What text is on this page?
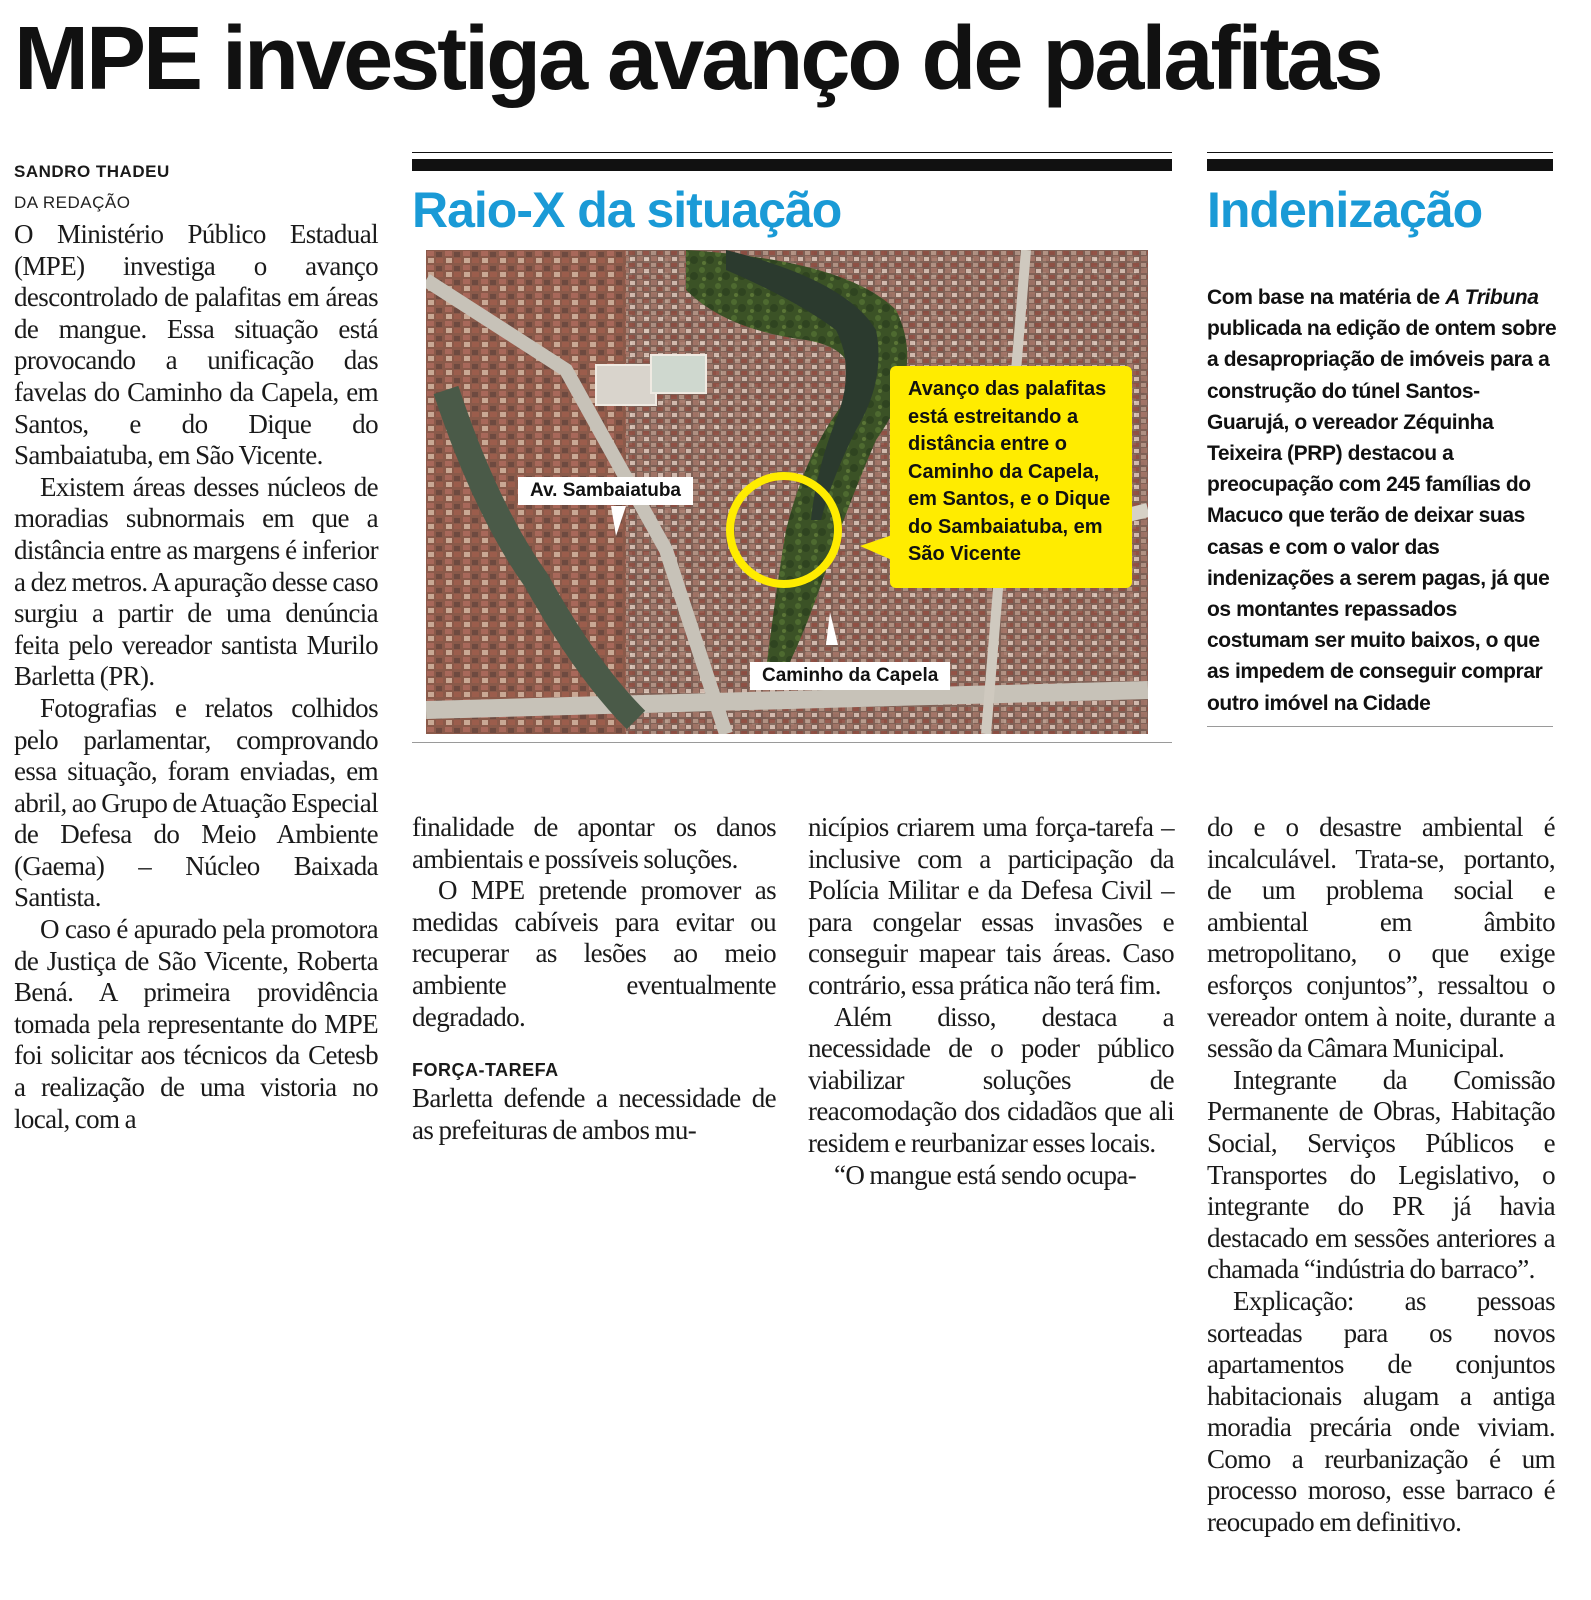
MPE investiga avanço de palafitas
SANDRO THADEU
DA REDAÇÃO

O Ministério Público Estadual (MPE) investiga o avanço descontrolado de palafitas em áreas de mangue. Essa situação está provocando a unificação das favelas do Caminho da Capela, em Santos, e do Dique do Sambaiatuba, em São Vicente.

Existem áreas desses núcleos de moradias subnormais em que a distância entre as margens é inferior a dez metros. A apuração desse caso surgiu a partir de uma denúncia feita pelo vereador santista Murilo Barletta (PR).

Fotografias e relatos colhidos pelo parlamentar, comprovando essa situação, foram enviadas, em abril, ao Grupo de Atuação Especial de Defesa do Meio Ambiente (Gaema) – Núcleo Baixada Santista.

O caso é apurado pela promotora de Justiça de São Vicente, Roberta Bená. A primeira providência tomada pela representante do MPE foi solicitar aos técnicos da Cetesb a realização de uma vistoria no local, com a

Raio-X da situação
Av. Sambaiatuba
Caminho da Capela
Avanço das palafitas está estreitando a distância entre o Caminho da Capela, em Santos, e o Dique do Sambaiatuba, em São Vicente
Indenização
Com base na matéria de A Tribuna publicada na edição de ontem sobre a desapropriação de imóveis para a construção do túnel Santos-Guarujá, o vereador Zéquinha Teixeira (PRP) destacou a preocupação com 245 famílias do Macuco que terão de deixar suas casas e com o valor das indenizações a serem pagas, já que os montantes repassados costumam ser muito baixos, o que as impedem de conseguir comprar outro imóvel na Cidade

finalidade de apontar os danos ambientais e possíveis soluções.

O MPE pretende promover as medidas cabíveis para evitar ou recuperar as lesões ao meio ambiente eventualmente degradado.

FORÇA-TAREFA

Barletta defende a necessidade de as prefeituras de ambos mu-

nicípios criarem uma força-tarefa – inclusive com a participação da Polícia Militar e da Defesa Civil – para congelar essas invasões e conseguir mapear tais áreas. Caso contrário, essa prática não terá fim.

Além disso, destaca a necessidade de o poder público viabilizar soluções de reacomodação dos cidadãos que ali residem e reurbanizar esses locais.

“O mangue está sendo ocupa-

do e o desastre ambiental é incalculável. Trata-se, portanto, de um problema social e ambiental em âmbito metropolitano, o que exige esforços conjuntos”, ressaltou o vereador ontem à noite, durante a sessão da Câmara Municipal.

Integrante da Comissão Permanente de Obras, Habitação Social, Serviços Públicos e Transportes do Legislativo, o integrante do PR já havia destacado em sessões anteriores a chamada “indústria do barraco”.

Explicação: as pessoas sorteadas para os novos apartamentos de conjuntos habitacionais alugam a antiga moradia precária onde viviam. Como a reurbanização é um processo moroso, esse barraco é reocupado em definitivo.
